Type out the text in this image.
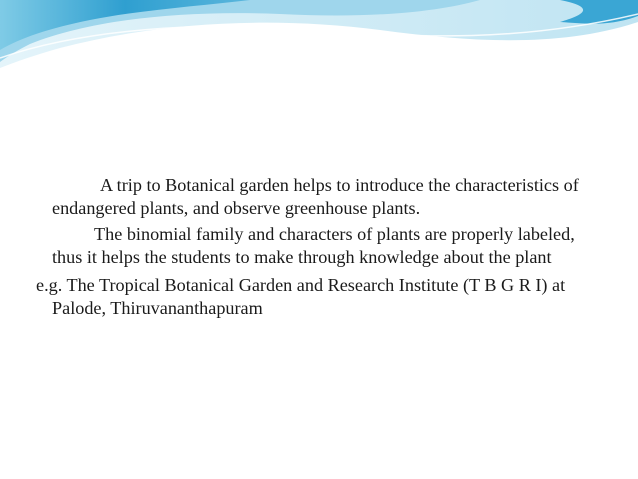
A trip to Botanical garden helps to introduce the characteristics of endangered plants, and observe greenhouse plants.

The binomial family and characters of plants are properly labeled, thus it helps the students to make through knowledge about the plant

e.g. The Tropical Botanical Garden and Research Institute (T B G R I) at Palode, Thiruvananthapuram
